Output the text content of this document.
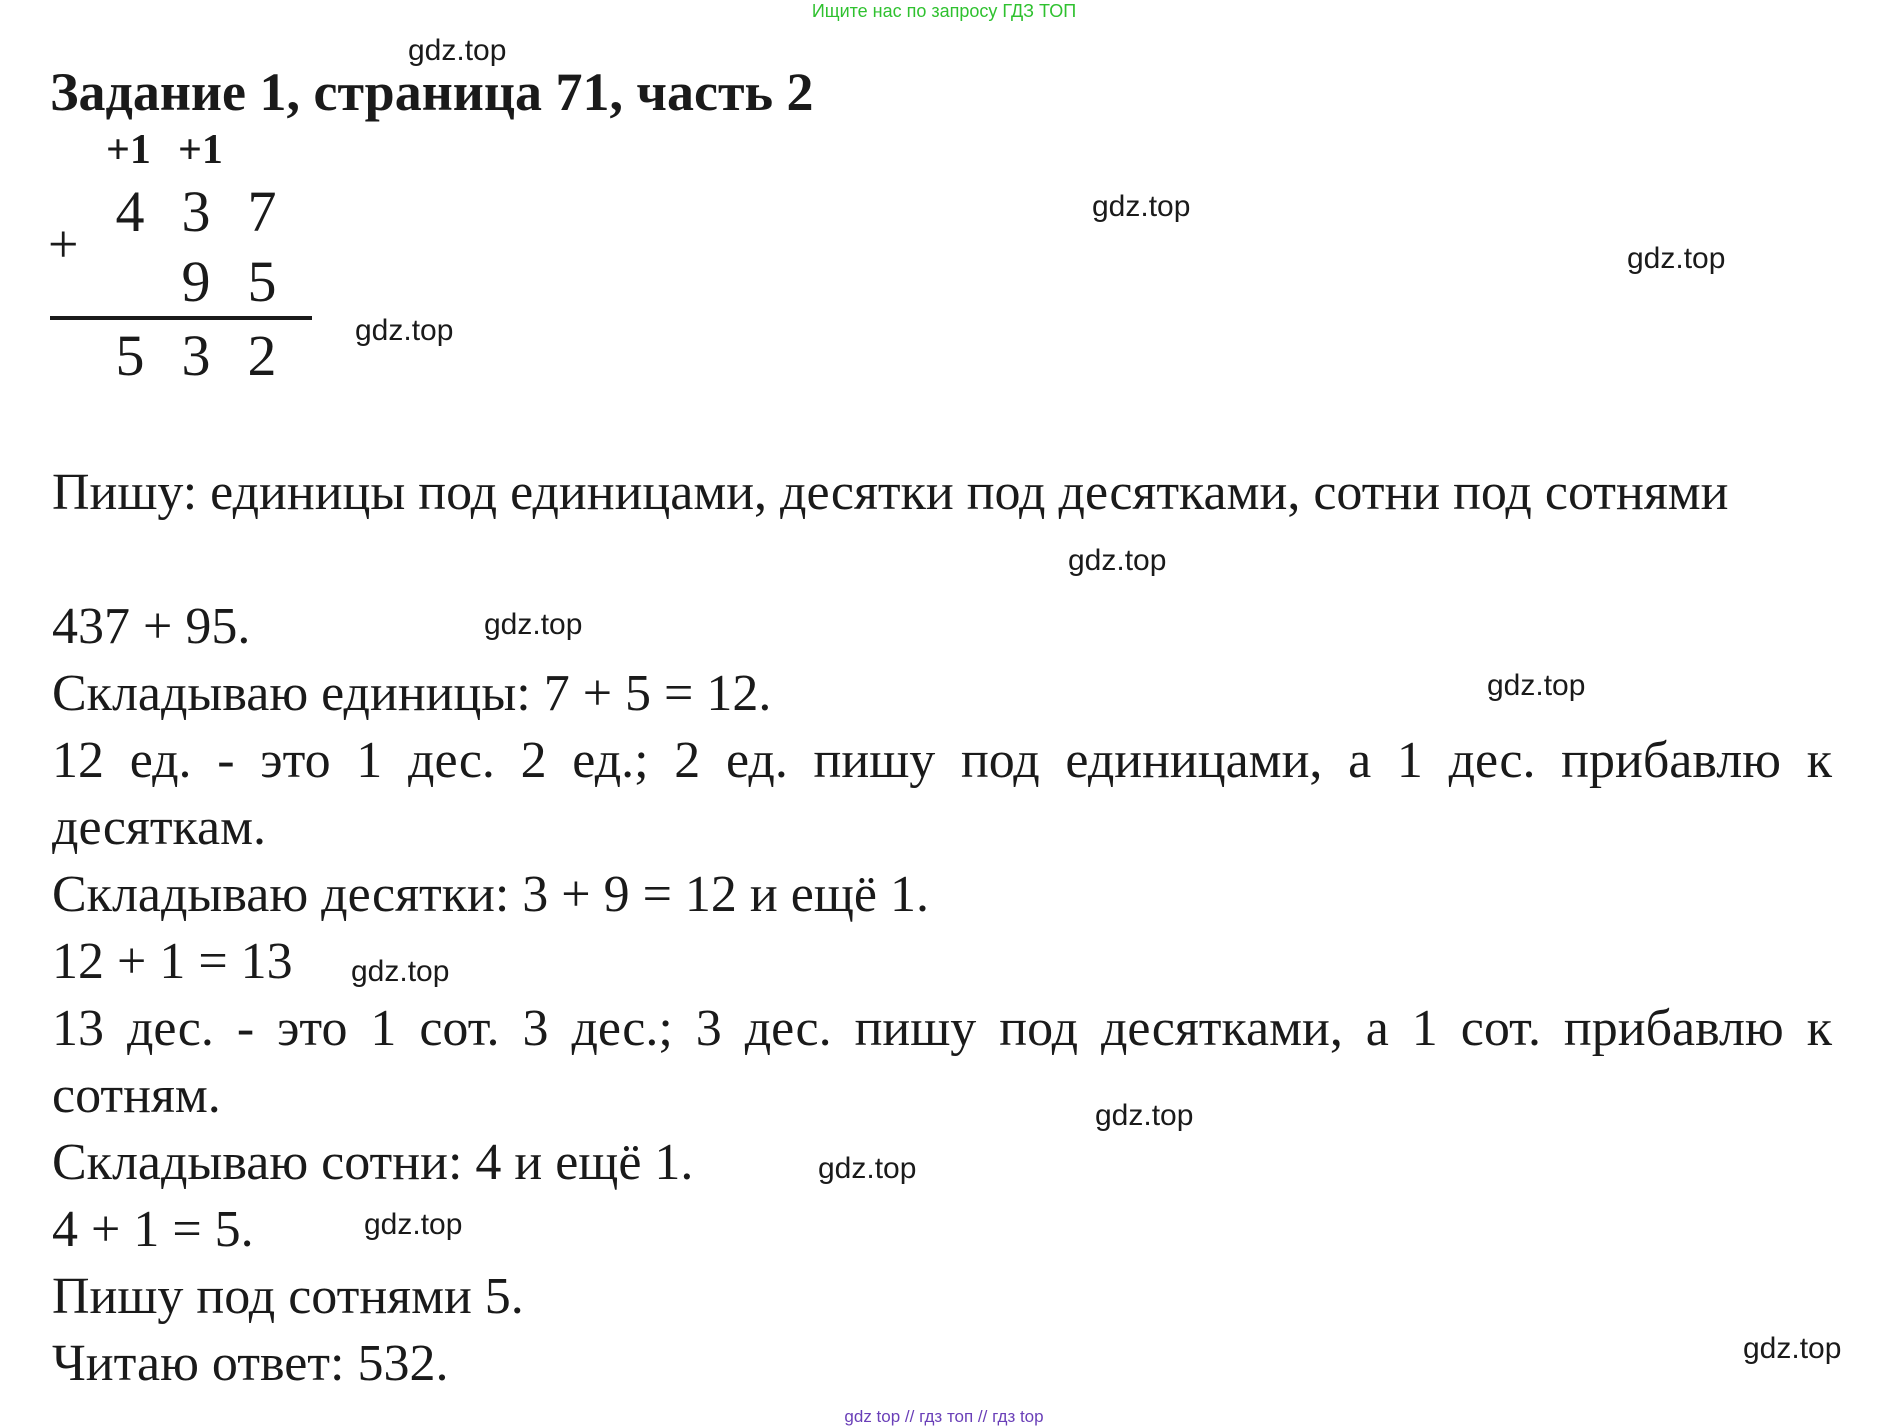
Ищите нас по запросу ГДЗ ТОП
gdz top // гдз топ // гдз top
Задание 1, страница 71, часть 2
+1 +1
+ 4 3 7
9 5
5 3 2
Пишу: единицы под единицами, десятки под десятками, сотни под сотнями
437 + 95.
Складываю единицы: 7 + 5 = 12.
12 ед. - это 1 дес. 2 ед.; 2 ед. пишу под единицами, а 1 дес. прибавлю к десяткам.
Складываю десятки: 3 + 9 = 12 и ещё 1.
12 + 1 = 13
13 дес. - это 1 сот. 3 дес.; 3 дес. пишу под десятками, а 1 сот. прибавлю к сотням.
Складываю сотни: 4 и ещё 1.
4 + 1 = 5.
Пишу под сотнями 5.
Читаю ответ: 532.
gdz.top
gdz.top
gdz.top
gdz.top
gdz.top
gdz.top
gdz.top
gdz.top
gdz.top
gdz.top
gdz.top
gdz.top
